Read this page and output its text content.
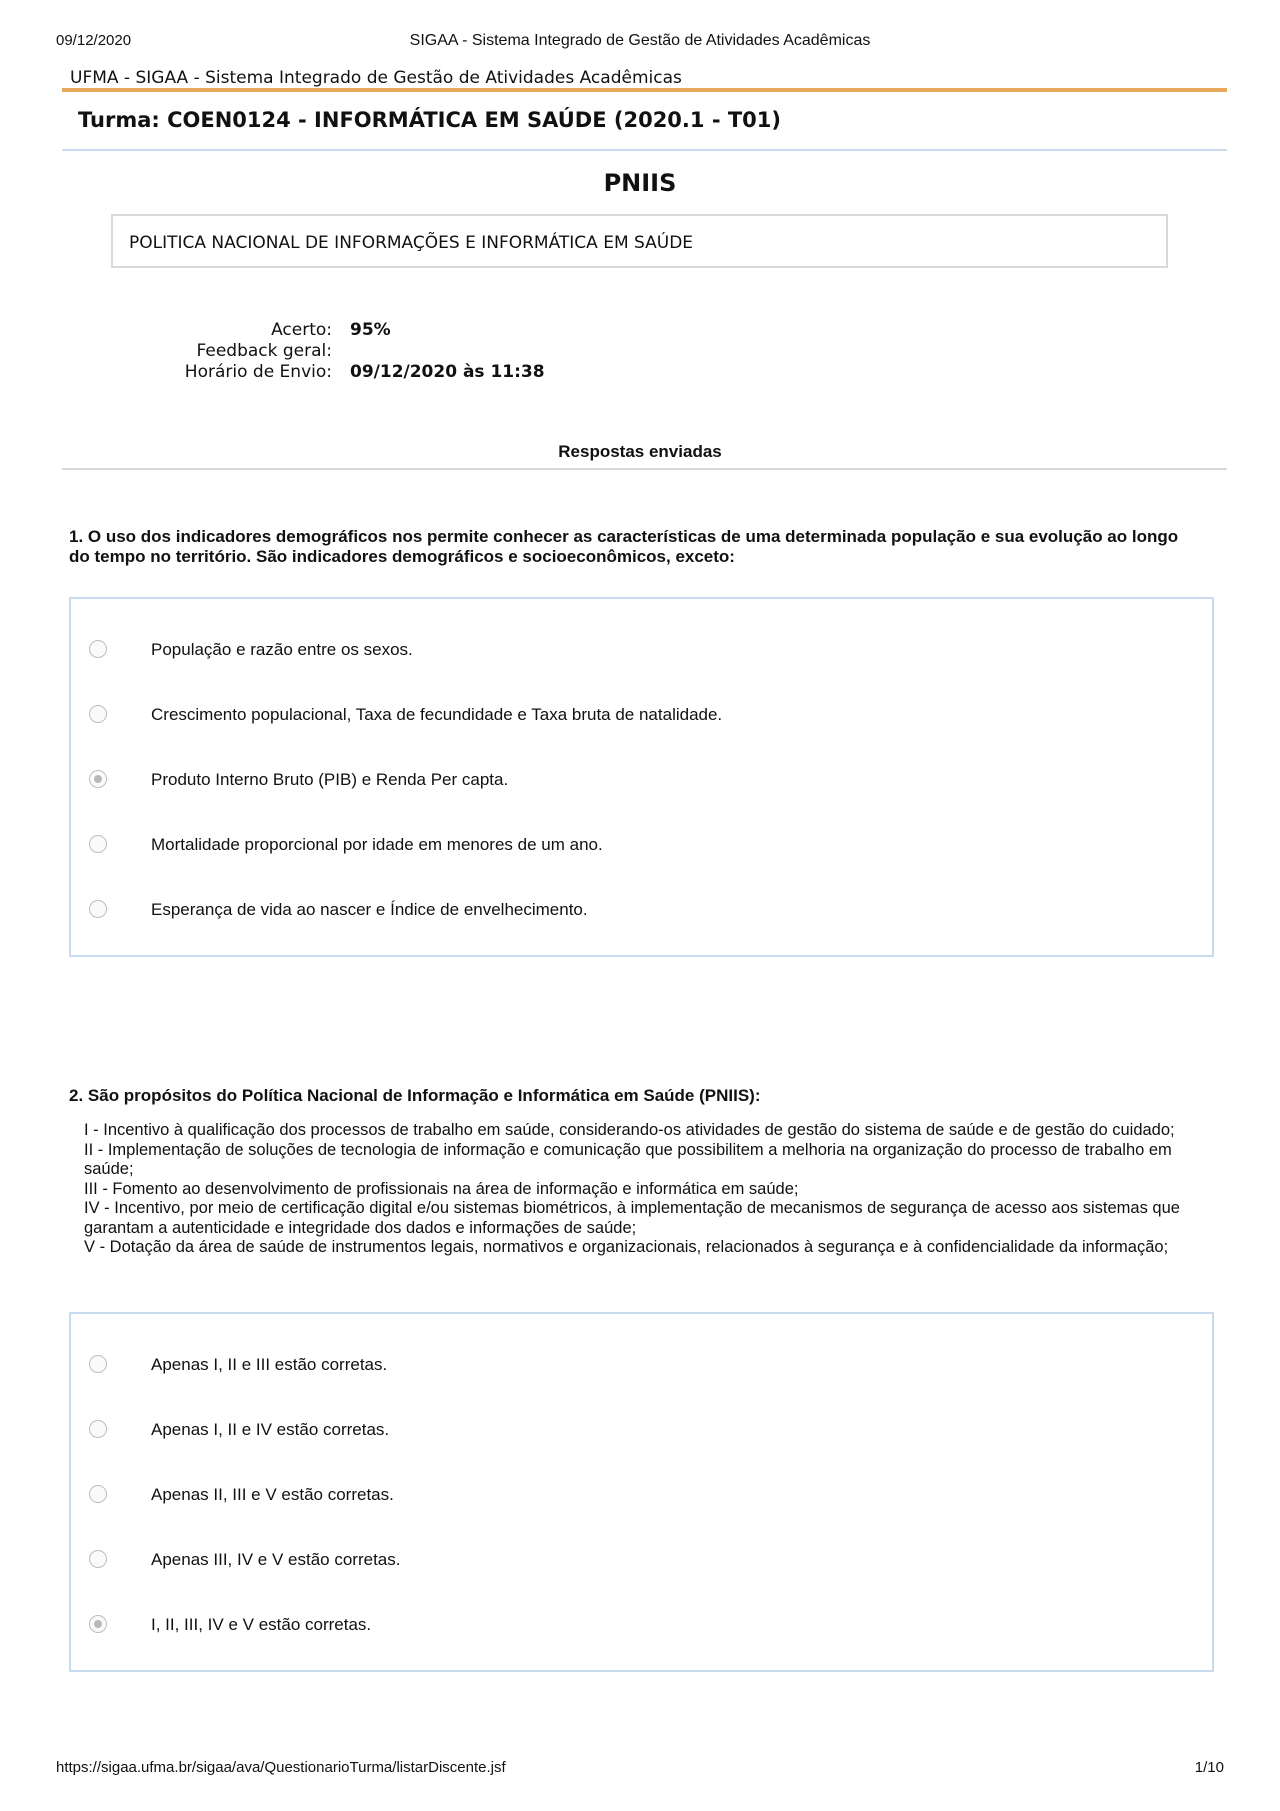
09/12/2020	SIGAA - Sistema Integrado de Gestão de Atividades Acadêmicas
UFMA - SIGAA - Sistema Integrado de Gestão de Atividades Acadêmicas
Turma: COEN0124 - INFORMÁTICA EM SAÚDE (2020.1 - T01)
PNIIS
POLITICA NACIONAL DE INFORMAÇÕES E INFORMÁTICA EM SAÚDE
Acerto: 95%
Feedback geral:
Horário de Envio: 09/12/2020 às 11:38
Respostas enviadas
1. O uso dos indicadores demográficos nos permite conhecer as características de uma determinada população e sua evolução ao longo do tempo no território. São indicadores demográficos e socioeconômicos, exceto:
População e razão entre os sexos.
Crescimento populacional, Taxa de fecundidade e Taxa bruta de natalidade.
Produto Interno Bruto (PIB) e Renda Per capta.
Mortalidade proporcional por idade em menores de um ano.
Esperança de vida ao nascer e Índice de envelhecimento.
2. São propósitos do Política Nacional de Informação e Informática em Saúde (PNIIS):
I - Incentivo à qualificação dos processos de trabalho em saúde, considerando-os atividades de gestão do sistema de saúde e de gestão do cuidado;
II - Implementação de soluções de tecnologia de informação e comunicação que possibilitem a melhoria na organização do processo de trabalho em saúde;
III - Fomento ao desenvolvimento de profissionais na área de informação e informática em saúde;
IV - Incentivo, por meio de certificação digital e/ou sistemas biométricos, à implementação de mecanismos de segurança de acesso aos sistemas que garantam a autenticidade e integridade dos dados e informações de saúde;
V - Dotação da área de saúde de instrumentos legais, normativos e organizacionais, relacionados à segurança e à confidencialidade da informação;
Apenas I, II e III estão corretas.
Apenas I, II e IV estão corretas.
Apenas II, III e V estão corretas.
Apenas III, IV e V estão corretas.
I, II, III, IV e V estão corretas.
https://sigaa.ufma.br/sigaa/ava/QuestionarioTurma/listarDiscente.jsf	1/10
